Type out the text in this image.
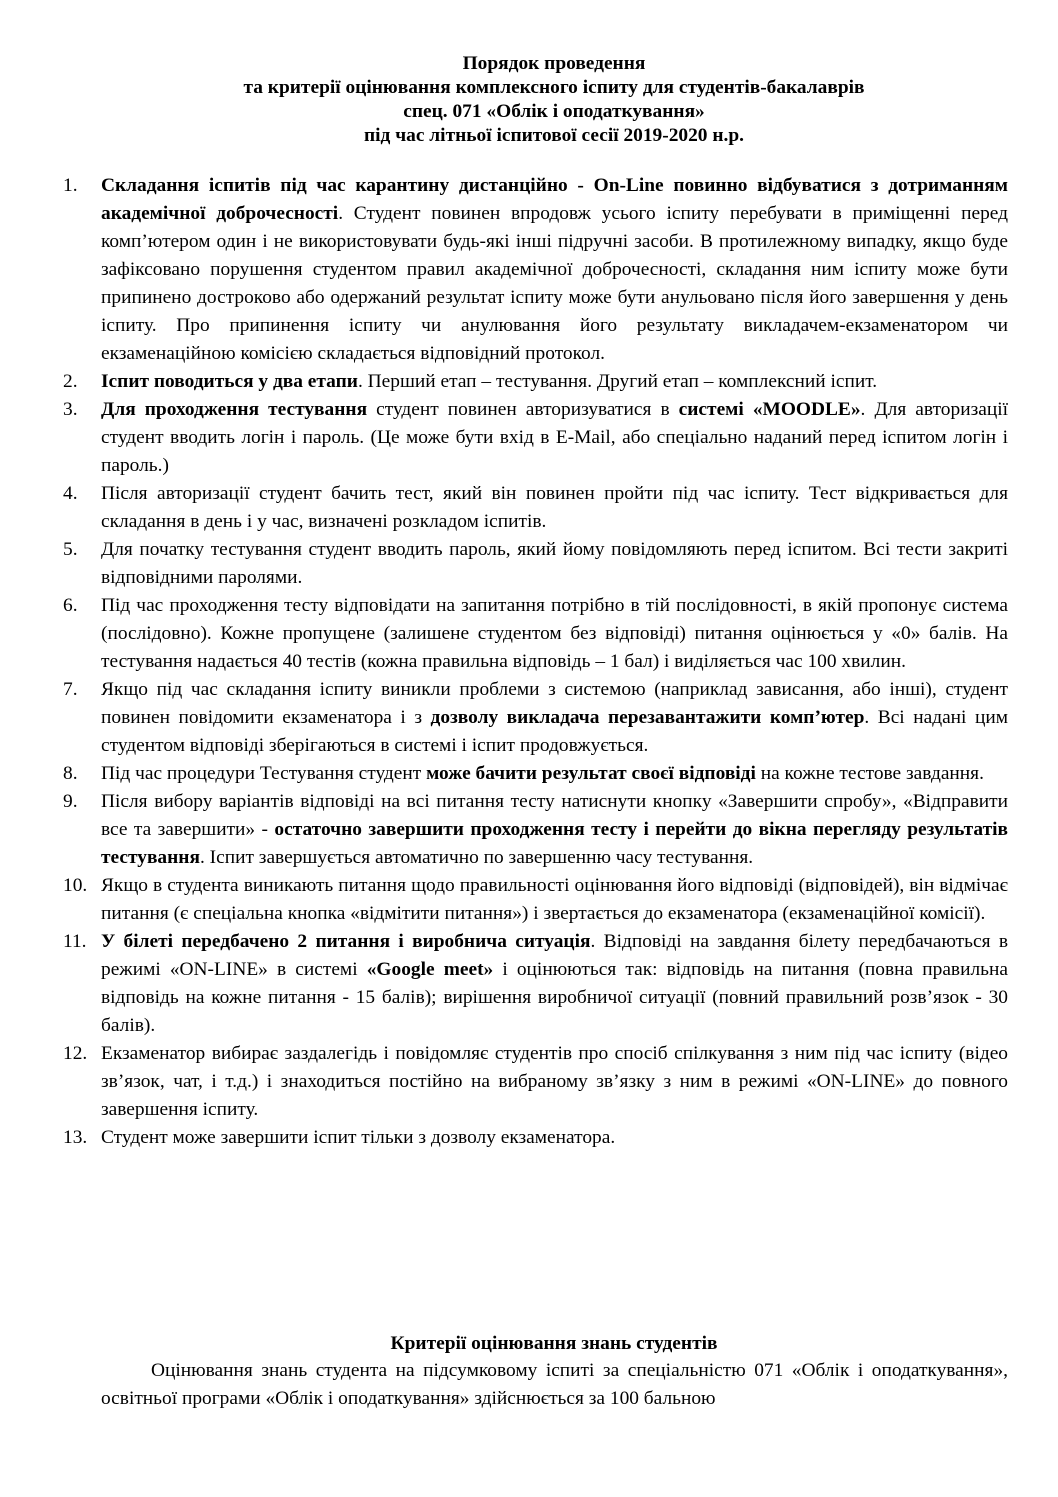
Порядок проведення
та критерії оцінювання комплексного іспиту для студентів-бакалаврів
спец. 071 «Облік і оподаткування»
під час літньої іспитової сесії 2019-2020 н.р.
1.	Складання іспитів під час карантину дистанційно - On-Line повинно відбуватися з дотриманням академічної доброчесності. Студент повинен впродовж усього іспиту перебувати в приміщенні перед комп’ютером один і не використовувати будь-які інші підручні засоби. В протилежному випадку, якщо буде зафіксовано порушення студентом правил академічної доброчесності, складання ним іспиту може бути припинено достроково або одержаний результат іспиту може бути анульовано після його завершення у день іспиту. Про припинення іспиту чи анулювання його результату викладачем-екзаменатором чи екзаменаційною комісією складається відповідний протокол.
2.	Іспит поводиться у два етапи. Перший етап – тестування. Другий етап – комплексний іспит.
3.	Для проходження тестування студент повинен авторизуватися в системі «MOODLE». Для авторизації студент вводить логін і пароль. (Це може бути вхід в E-Mail, або спеціально наданий перед іспитом логін і пароль.)
4.	Після авторизації студент бачить тест, який він повинен пройти під час іспиту. Тест відкривається для складання в день і у час, визначені розкладом іспитів.
5.	Для початку тестування студент вводить пароль, який йому повідомляють перед іспитом. Всі тести закриті відповідними паролями.
6.	Під час проходження тесту відповідати на запитання потрібно в тій послідовності, в якій пропонує система (послідовно). Кожне пропущене (залишене студентом без відповіді) питання оцінюється у «0» балів. На тестування надається 40 тестів (кожна правильна відповідь – 1 бал) і виділяється час 100 хвилин.
7.	Якщо під час складання іспиту виникли проблеми з системою (наприклад зависання, або інші), студент повинен повідомити екзаменатора і з дозволу викладача перезавантажити комп’ютер. Всі надані цим студентом відповіді зберігаються в системі і іспит продовжується.
8.	Під час процедури Тестування студент може бачити результат своєї відповіді на кожне тестове завдання.
9.	Після вибору варіантів відповіді на всі питання тесту натиснути кнопку «Завершити спробу», «Відправити все та завершити» - остаточно завершити проходження тесту і перейти до вікна перегляду результатів тестування. Іспит завершується автоматично по завершенню часу тестування.
10. Якщо в студента виникають питання щодо правильності оцінювання його відповіді (відповідей), він відмічає питання (є спеціальна кнопка «відмітити питання») і звертається до екзаменатора (екзаменаційної комісії).
11. У білеті передбачено 2 питання і виробнича ситуація. Відповіді на завдання білету передбачаються в режимі «ON-LINE» в системі «Google meet» і оцінюються так: відповідь на питання (повна правильна відповідь на кожне питання - 15 балів); вирішення виробничої ситуації (повний правильний розв’язок - 30 балів).
12. Екзаменатор вибирає заздалегідь і повідомляє студентів про спосіб спілкування з ним під час іспиту (відео зв’язок, чат, і т.д.) і знаходиться постійно на вибраному зв’язку з ним в режимі «ON-LINE» до повного завершення іспиту.
13. Студент може завершити іспит тільки з дозволу екзаменатора.
Критерії оцінювання знань студентів
Оцінювання знань студента на підсумковому іспиті за спеціальністю 071 «Облік і оподаткування», освітньої програми «Облік і оподаткування» здійснюється за 100 бальною
